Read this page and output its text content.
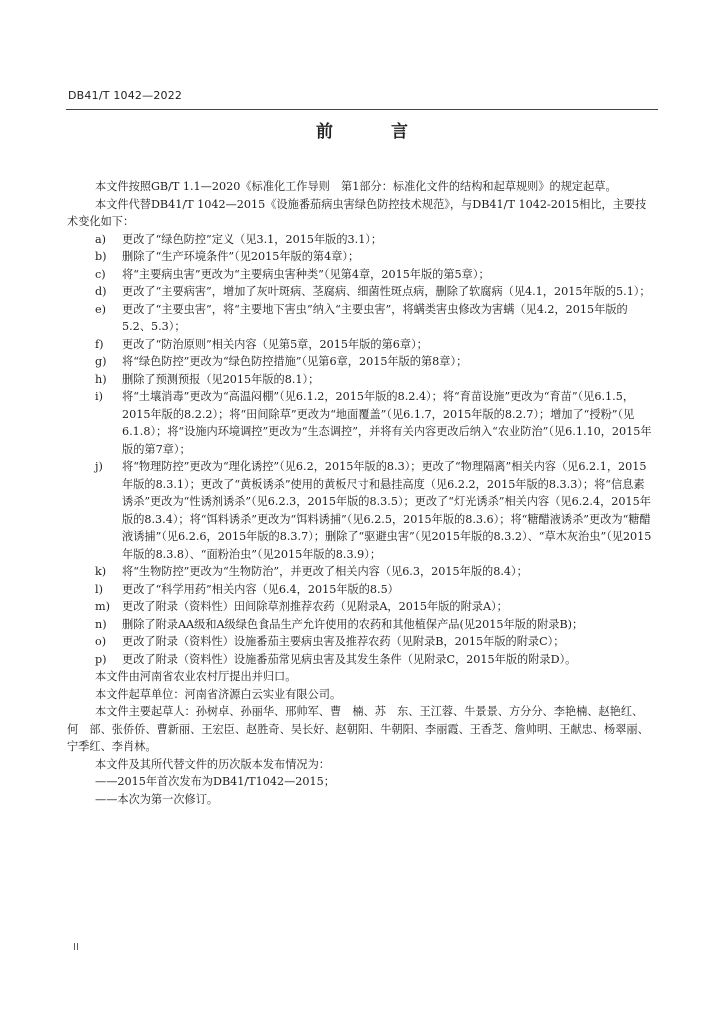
DB41/T 1042—2022
前 言

本文件按照GB/T 1.1—2020《标准化工作导则　第1部分：标准化文件的结构和起草规则》的规定起草。

本文件代替DB41/T 1042—2015《设施番茄病虫害绿色防控技术规范》，与DB41/T 1042-2015相比，主要技术变化如下：

a) 更改了“绿色防控”定义（见3.1，2015年版的3.1）；

b) 删除了“生产环境条件”（见2015年版的第4章）；

c) 将“主要病虫害”更改为“主要病虫害种类”（见第4章，2015年版的第5章）；

d) 更改了“主要病害”，增加了灰叶斑病、茎腐病、细菌性斑点病，删除了软腐病（见4.1，2015年版的5.1）；

e) 更改了“主要虫害”，将“主要地下害虫”纳入“主要虫害”，将螨类害虫修改为害螨（见4.2，2015年版的5.2、5.3）；

f) 更改了“防治原则”相关内容（见第5章，2015年版的第6章）；

g) 将“绿色防控”更改为“绿色防控措施”（见第6章，2015年版的第8章）；

h) 删除了预测预报（见2015年版的8.1）；

i) 将“土壤消毒”更改为“高温闷棚”（见6.1.2，2015年版的8.2.4）；将“育苗设施”更改为“育苗”（见6.1.5，2015年版的8.2.2）；将“田间除草”更改为“地面覆盖”（见6.1.7，2015年版的8.2.7）；增加了“授粉”（见6.1.8）；将“设施内环境调控”更改为“生态调控”，并将有关内容更改后纳入“农业防治”（见6.1.10，2015年版的第7章）；

j) 将“物理防控”更改为“理化诱控”（见6.2，2015年版的8.3）；更改了“物理隔离”相关内容（见6.2.1，2015年版的8.3.1）；更改了“黄板诱杀”使用的黄板尺寸和悬挂高度（见6.2.2，2015年版的8.3.3）；将“信息素诱杀”更改为“性诱剂诱杀”（见6.2.3，2015年版的8.3.5）；更改了“灯光诱杀”相关内容（见6.2.4，2015年版的8.3.4）；将“饵料诱杀”更改为“饵料诱捕”（见6.2.5，2015年版的8.3.6）；将“糖醋液诱杀”更改为“糖醋液诱捕”（见6.2.6，2015年版的8.3.7）；删除了“驱避虫害”（见2015年版的8.3.2）、“草木灰治虫”（见2015年版的8.3.8）、“面粉治虫”（见2015年版的8.3.9）；

k) 将“生物防控”更改为“生物防治”，并更改了相关内容（见6.3，2015年版的8.4）；

l) 更改了“科学用药”相关内容（见6.4，2015年版的8.5）

m) 更改了附录（资料性）田间除草剂推荐农药（见附录A，2015年版的附录A）；

n) 删除了附录AA级和A级绿色食品生产允许使用的农药和其他植保产品(见2015年版的附录B)；

o) 更改了附录（资料性）设施番茄主要病虫害及推荐农药（见附录B，2015年版的附录C）；

p) 更改了附录（资料性）设施番茄常见病虫害及其发生条件（见附录C，2015年版的附录D）。

本文件由河南省农业农村厅提出并归口。

本文件起草单位：河南省济源白云实业有限公司。

本文件主要起草人：孙树卓、孙丽华、邢帅军、曹　楠、苏　东、王江蓉、牛景景、方分分、李艳楠、赵艳红、何　部、张侨侨、曹新丽、王宏臣、赵胜奇、吴长好、赵朝阳、牛朝阳、李丽霞、王香芝、詹帅明、王献忠、杨翠丽、宁季红、李肖林。

本文件及其所代替文件的历次版本发布情况为：

——2015年首次发布为DB41/T1042—2015；

——本次为第一次修订。

II
